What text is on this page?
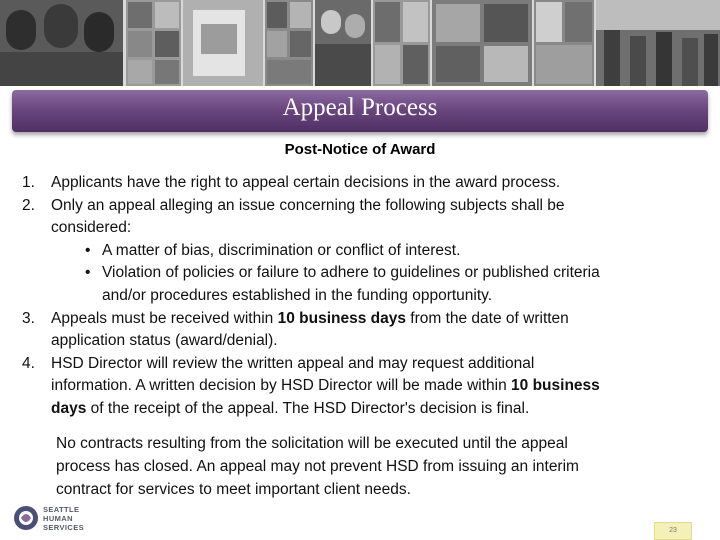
Appeal Process
Post-Notice of Award
1. Applicants have the right to appeal certain decisions in the award process.
2. Only an appeal alleging an issue concerning the following subjects shall be
considered:
• A matter of bias, discrimination or conflict of interest.
• Violation of policies or failure to adhere to guidelines or published criteria
and/or procedures established in the funding opportunity.
3. Appeals must be received within 10 business days from the date of written
application status (award/denial).
4. HSD Director will review the written appeal and may request additional
information. A written decision by HSD Director will be made within 10 business
days of the receipt of the appeal. The HSD Director's decision is final.
No contracts resulting from the solicitation will be executed until the appeal
process has closed. An appeal may not prevent HSD from issuing an interim
contract for services to meet important client needs.
SEATTLE
HUMAN
SERVICES	23
